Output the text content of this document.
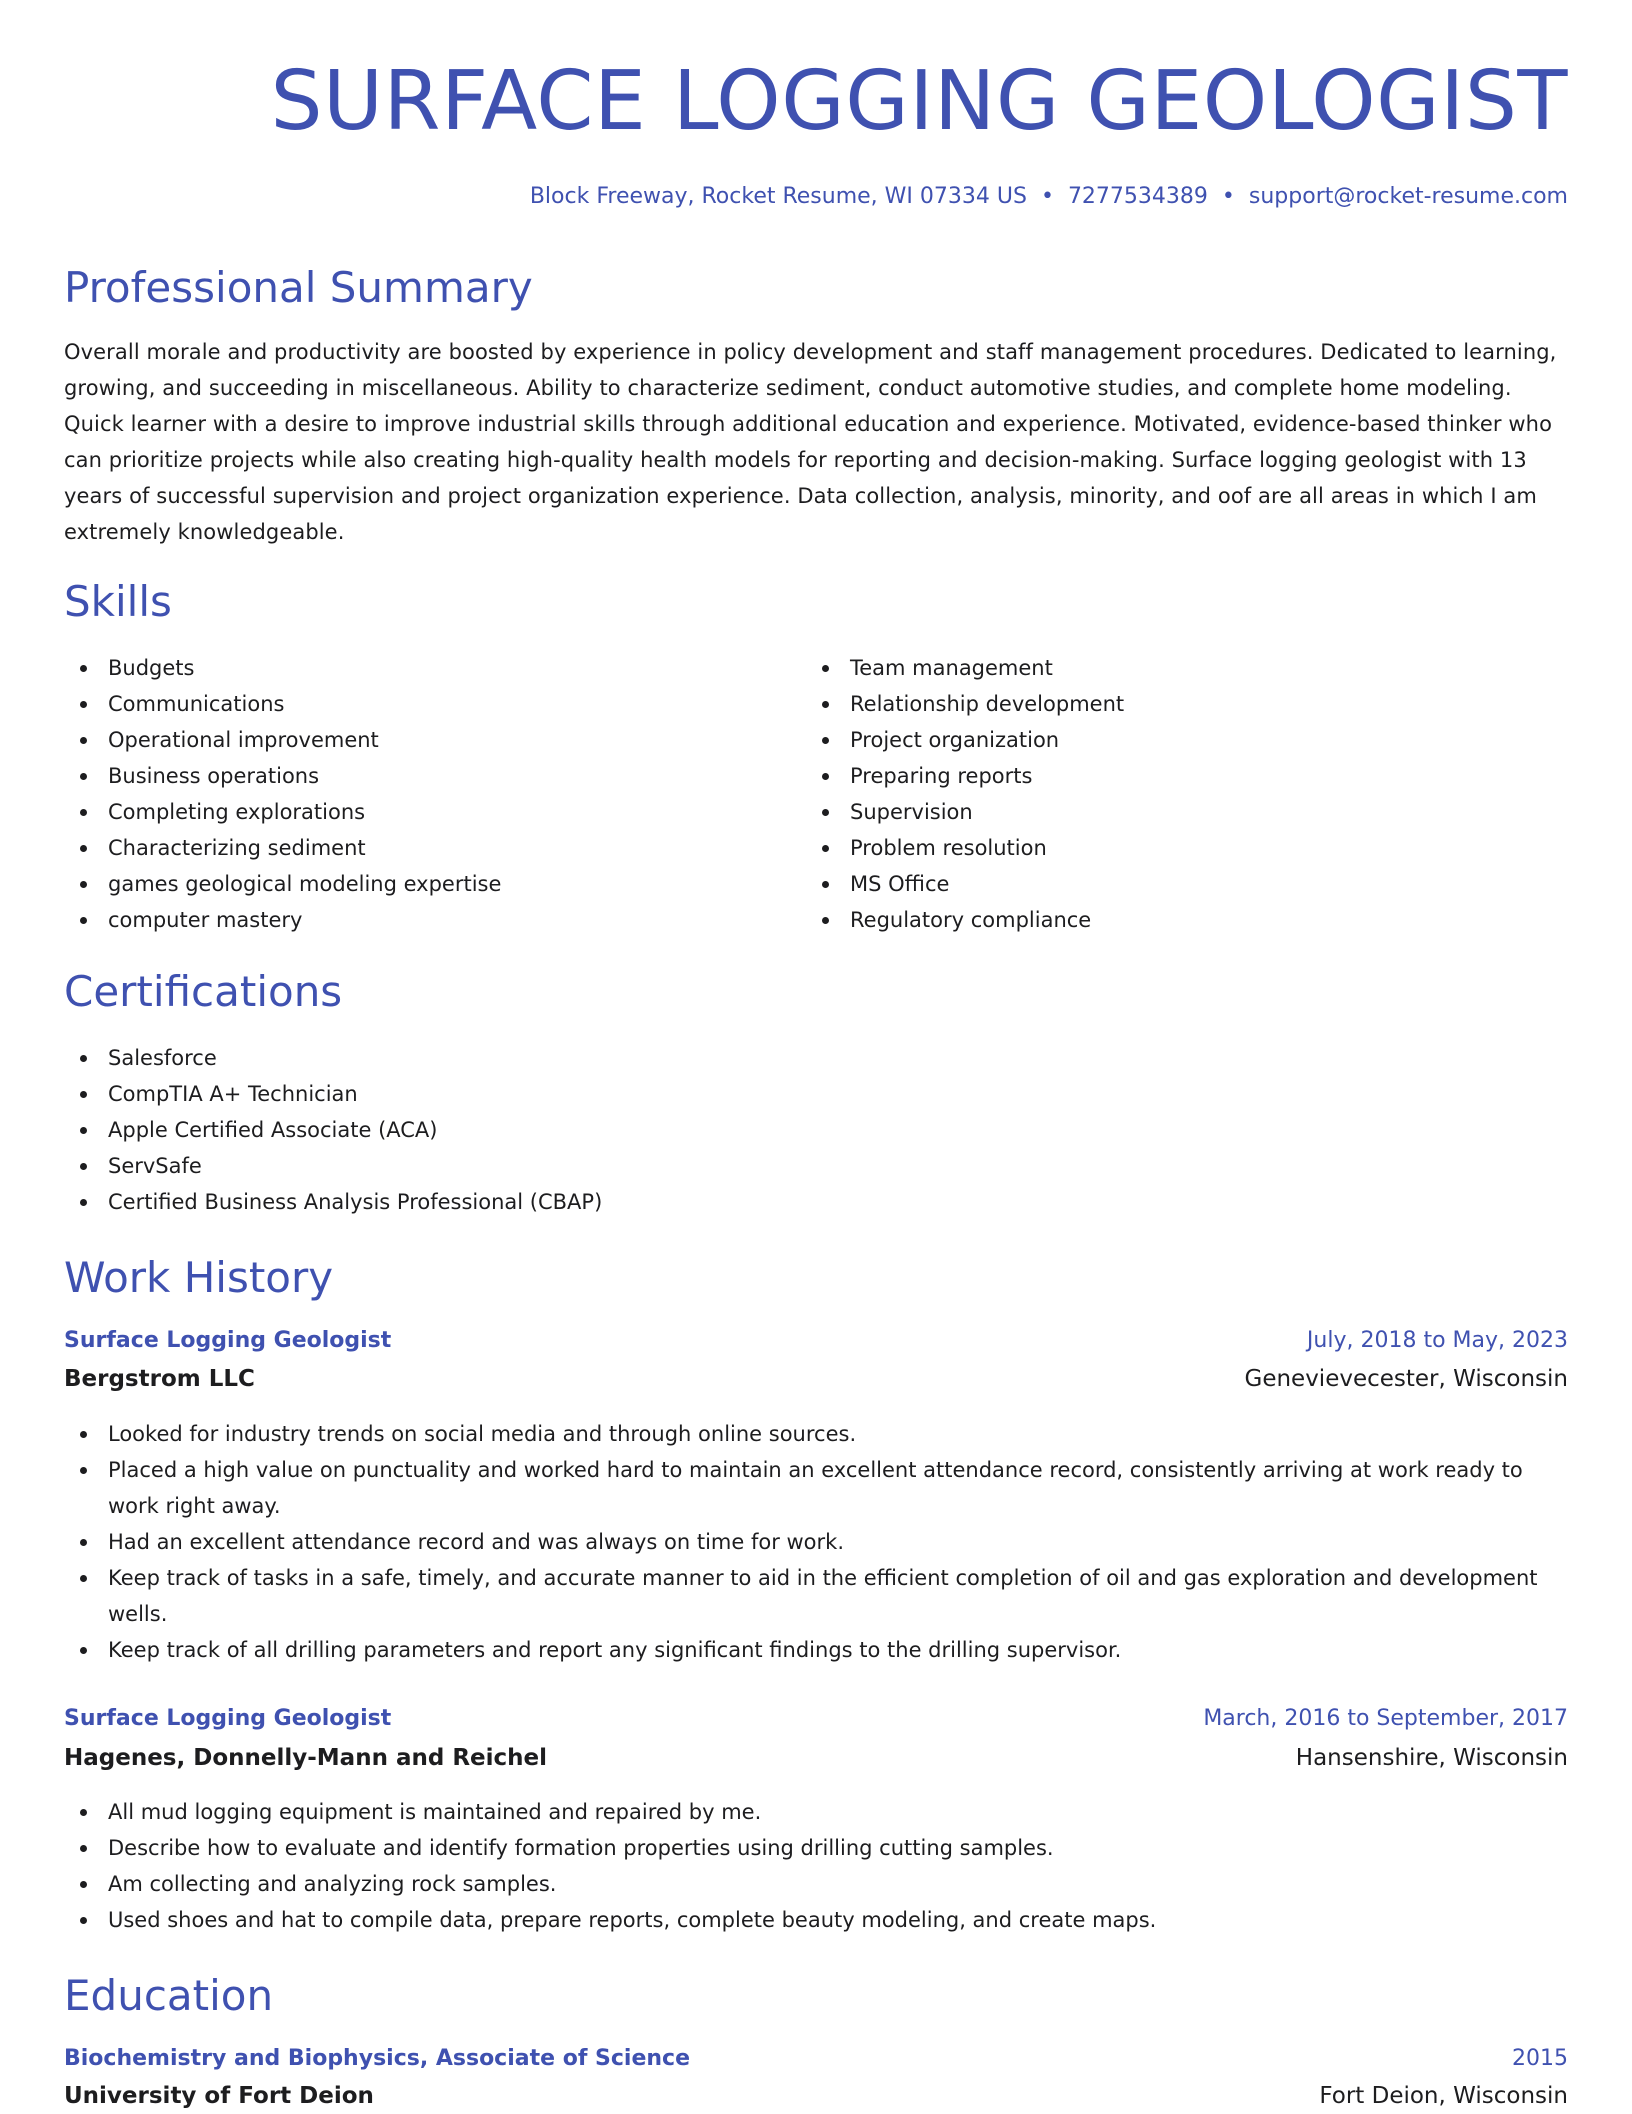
SURFACE LOGGING GEOLOGIST

Block Freeway, Rocket Resume, WI 07334 US • 7277534389 • support@rocket-resume.com

Professional Summary

Overall morale and productivity are boosted by experience in policy development and staff management procedures. Dedicated to learning, growing, and succeeding in miscellaneous. Ability to characterize sediment, conduct automotive studies, and complete home modeling. Quick learner with a desire to improve industrial skills through additional education and experience. Motivated, evidence-based thinker who can prioritize projects while also creating high-quality health models for reporting and decision-making. Surface logging geologist with 13 years of successful supervision and project organization experience. Data collection, analysis, minority, and oof are all areas in which I am extremely knowledgeable.

Skills
Budgets
Communications
Operational improvement
Business operations
Completing explorations
Characterizing sediment
games geological modeling expertise
computer mastery
Team management
Relationship development
Project organization
Preparing reports
Supervision
Problem resolution
MS Office
Regulatory compliance
Certifications
Salesforce
CompTIA A+ Technician
Apple Certified Associate (ACA)
ServSafe
Certified Business Analysis Professional (CBAP)
Work History

Surface Logging Geologist	July, 2018 to May, 2023

Bergstrom LLC	Genevievecester, Wisconsin

Looked for industry trends on social media and through online sources.
Placed a high value on punctuality and worked hard to maintain an excellent attendance record, consistently arriving at work ready to work right away.
Had an excellent attendance record and was always on time for work.
Keep track of tasks in a safe, timely, and accurate manner to aid in the efficient completion of oil and gas exploration and development wells.
Keep track of all drilling parameters and report any significant findings to the drilling supervisor.

Surface Logging Geologist	March, 2016 to September, 2017

Hagenes, Donnelly-Mann and Reichel	Hansenshire, Wisconsin

All mud logging equipment is maintained and repaired by me.
Describe how to evaluate and identify formation properties using drilling cutting samples.
Am collecting and analyzing rock samples.
Used shoes and hat to compile data, prepare reports, complete beauty modeling, and create maps.
Education

Biochemistry and Biophysics, Associate of Science	2015

University of Fort Deion	Fort Deion, Wisconsin
